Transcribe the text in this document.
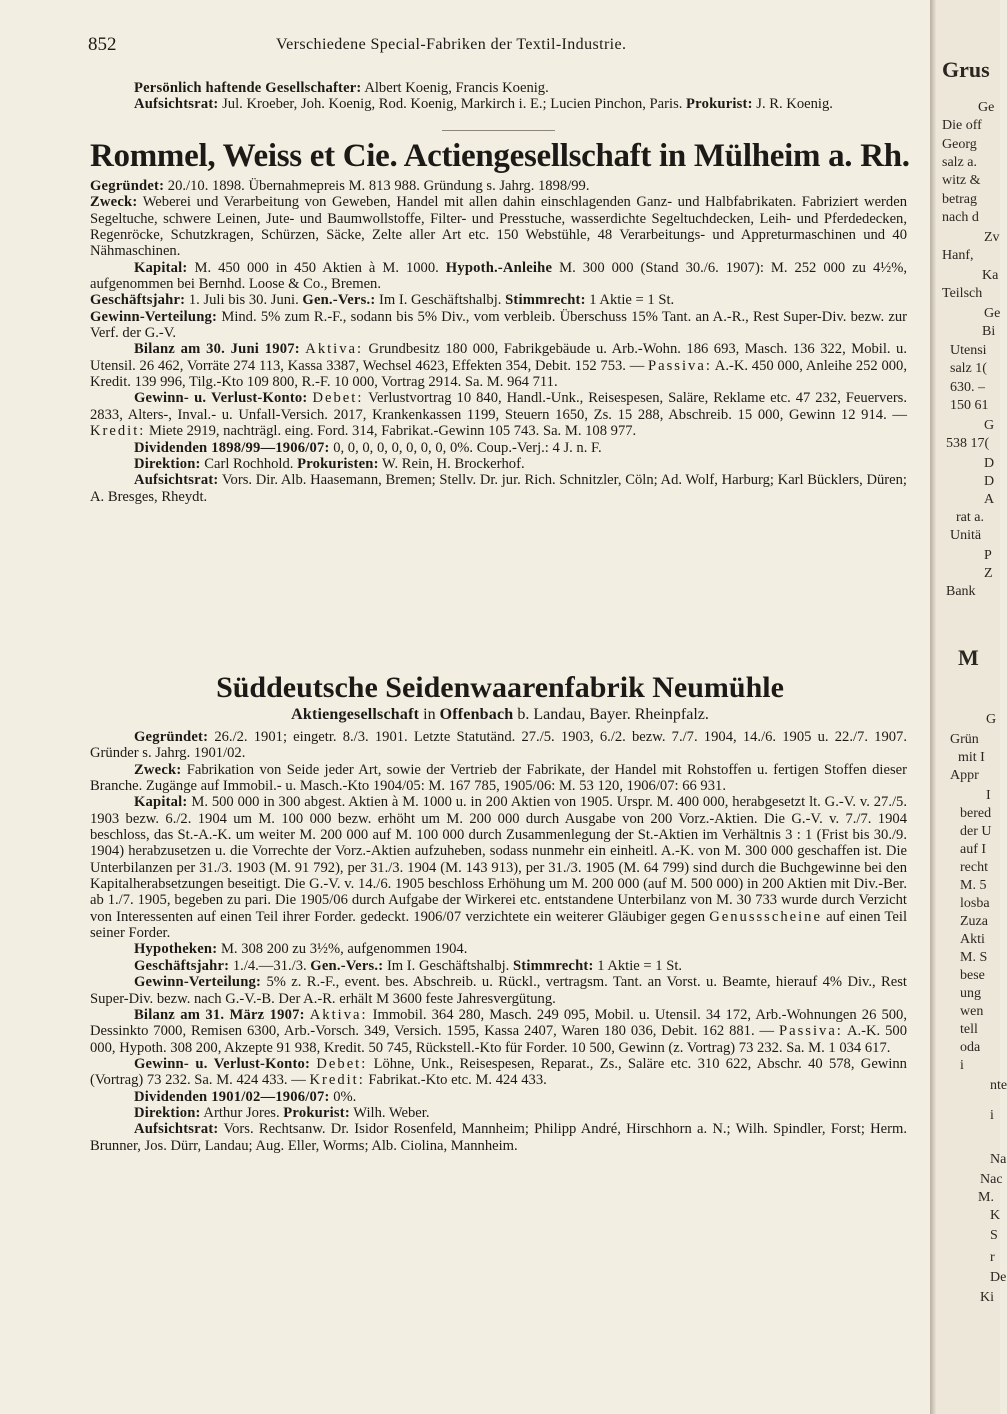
852	Verschiedene Special-Fabriken der Textil-Industrie.

Persönlich haftende Gesellschafter: Albert Koenig, Francis Koenig.

Aufsichtsrat: Jul. Kroeber, Joh. Koenig, Rod. Koenig, Markirch i. E.; Lucien Pinchon, Paris. Prokurist: J. R. Koenig.

Rommel, Weiss et Cie. Actiengesellschaft in Mülheim a. Rh.

Gegründet: 20./10. 1898. Übernahmepreis M. 813 988. Gründung s. Jahrg. 1898/99.

Zweck: Weberei und Verarbeitung von Geweben, Handel mit allen dahin einschlagenden Ganz- und Halbfabrikaten. Fabriziert werden Segeltuche, schwere Leinen, Jute- und Baumwollstoffe, Filter- und Presstuche, wasserdichte Segeltuchdecken, Leih- und Pferdedecken, Regenröcke, Schutzkragen, Schürzen, Säcke, Zelte aller Art etc. 150 Webstühle, 48 Verarbeitungs- und Appreturmaschinen und 40 Nähmaschinen.

Kapital: M. 450 000 in 450 Aktien à M. 1000. Hypoth.-Anleihe M. 300 000 (Stand 30./6. 1907): M. 252 000 zu 4½%, aufgenommen bei Bernhd. Loose & Co., Bremen.

Geschäftsjahr: 1. Juli bis 30. Juni. Gen.-Vers.: Im I. Geschäftshalbj. Stimmrecht: 1 Aktie = 1 St.

Gewinn-Verteilung: Mind. 5% zum R.-F., sodann bis 5% Div., vom verbleib. Überschuss 15% Tant. an A.-R., Rest Super-Div. bezw. zur Verf. der G.-V.

Bilanz am 30. Juni 1907: Aktiva: Grundbesitz 180 000, Fabrikgebäude u. Arb.-Wohn. 186 693, Masch. 136 322, Mobil. u. Utensil. 26 462, Vorräte 274 113, Kassa 3387, Wechsel 4623, Effekten 354, Debit. 152 753. — Passiva: A.-K. 450 000, Anleihe 252 000, Kredit. 139 996, Tilg.-Kto 109 800, R.-F. 10 000, Vortrag 2914. Sa. M. 964 711.

Gewinn- u. Verlust-Konto: Debet: Verlustvortrag 10 840, Handl.-Unk., Reisespesen, Saläre, Reklame etc. 47 232, Feuervers. 2833, Alters-, Inval.- u. Unfall-Versich. 2017, Krankenkassen 1199, Steuern 1650, Zs. 15 288, Abschreib. 15 000, Gewinn 12 914. — Kredit: Miete 2919, nachträgl. eing. Ford. 314, Fabrikat.-Gewinn 105 743. Sa. M. 108 977.

Dividenden 1898/99—1906/07: 0, 0, 0, 0, 0, 0, 0, 0, 0%. Coup.-Verj.: 4 J. n. F.

Direktion: Carl Rochhold. Prokuristen: W. Rein, H. Brockerhof.

Aufsichtsrat: Vors. Dir. Alb. Haasemann, Bremen; Stellv. Dr. jur. Rich. Schnitzler, Cöln; Ad. Wolf, Harburg; Karl Bücklers, Düren; A. Bresges, Rheydt.

Süddeutsche Seidenwaarenfabrik Neumühle
Aktiengesellschaft in Offenbach b. Landau, Bayer. Rheinpfalz.

Gegründet: 26./2. 1901; eingetr. 8./3. 1901. Letzte Statutänd. 27./5. 1903, 6./2. bezw. 7./7. 1904, 14./6. 1905 u. 22./7. 1907. Gründer s. Jahrg. 1901/02.

Zweck: Fabrikation von Seide jeder Art, sowie der Vertrieb der Fabrikate, der Handel mit Rohstoffen u. fertigen Stoffen dieser Branche. Zugänge auf Immobil.- u. Masch.-Kto 1904/05: M. 167 785, 1905/06: M. 53 120, 1906/07: 66 931.

Kapital: M. 500 000 in 300 abgest. Aktien à M. 1000 u. in 200 Aktien von 1905. Urspr. M. 400 000, herabgesetzt lt. G.-V. v. 27./5. 1903 bezw. 6./2. 1904 um M. 100 000 bezw. erhöht um M. 200 000 durch Ausgabe von 200 Vorz.-Aktien. Die G.-V. v. 7./7. 1904 beschloss, das St.-A.-K. um weiter M. 200 000 auf M. 100 000 durch Zusammenlegung der St.-Aktien im Verhältnis 3 : 1 (Frist bis 30./9. 1904) herabzusetzen u. die Vorrechte der Vorz.-Aktien aufzuheben, sodass nunmehr ein einheitl. A.-K. von M. 300 000 geschaffen ist. Die Unterbilanzen per 31./3. 1903 (M. 91 792), per 31./3. 1904 (M. 143 913), per 31./3. 1905 (M. 64 799) sind durch die Buchgewinne bei den Kapitalherabsetzungen beseitigt. Die G.-V. v. 14./6. 1905 beschloss Erhöhung um M. 200 000 (auf M. 500 000) in 200 Aktien mit Div.-Ber. ab 1./7. 1905, begeben zu pari. Die 1905/06 durch Aufgabe der Wirkerei etc. entstandene Unterbilanz von M. 30 733 wurde durch Verzicht von Interessenten auf einen Teil ihrer Forder. gedeckt. 1906/07 verzichtete ein weiterer Gläubiger gegen Genussscheine auf einen Teil seiner Forder.

Hypotheken: M. 308 200 zu 3½%, aufgenommen 1904.

Geschäftsjahr: 1./4.—31./3. Gen.-Vers.: Im I. Geschäftshalbj. Stimmrecht: 1 Aktie = 1 St.

Gewinn-Verteilung: 5% z. R.-F., event. bes. Abschreib. u. Rückl., vertragsm. Tant. an Vorst. u. Beamte, hierauf 4% Div., Rest Super-Div. bezw. nach G.-V.-B. Der A.-R. erhält M 3600 feste Jahresvergütung.

Bilanz am 31. März 1907: Aktiva: Immobil. 364 280, Masch. 249 095, Mobil. u. Utensil. 34 172, Arb.-Wohnungen 26 500, Dessinkto 7000, Remisen 6300, Arb.-Vorsch. 349, Versich. 1595, Kassa 2407, Waren 180 036, Debit. 162 881. — Passiva: A.-K. 500 000, Hypoth. 308 200, Akzepte 91 938, Kredit. 50 745, Rückstell.-Kto für Forder. 10 500, Gewinn (z. Vortrag) 73 232. Sa. M. 1 034 617.

Gewinn- u. Verlust-Konto: Debet: Löhne, Unk., Reisespesen, Reparat., Zs., Saläre etc. 310 622, Abschr. 40 578, Gewinn (Vortrag) 73 232. Sa. M. 424 433. — Kredit: Fabrikat.-Kto etc. M. 424 433.

Dividenden 1901/02—1906/07: 0%.

Direktion: Arthur Jores. Prokurist: Wilh. Weber.

Aufsichtsrat: Vors. Rechtsanw. Dr. Isidor Rosenfeld, Mannheim; Philipp André, Hirschhorn a. N.; Wilh. Spindler, Forst; Herm. Brunner, Jos. Dürr, Landau; Aug. Eller, Worms; Alb. Ciolina, Mannheim.

Grus
Ge
Die off
Georg
salz a.
witz &
betrag
nach d
Zv
Hanf,
Ka
Teilsch
Ge
Bi
Utensi
salz 1(
630. –
150 61
G
538 17(
D
D
A
rat a.
Unitä
P
Z
Bank
M
G
Grün
mit I
Appr
I
bered
der U
auf I
recht
M. 5
losba
Zuza
Akti
M. S
bese
ung
wen
tell
oda
i
nte
i
Na
Nac
M.
K
S
r
De
Ki
